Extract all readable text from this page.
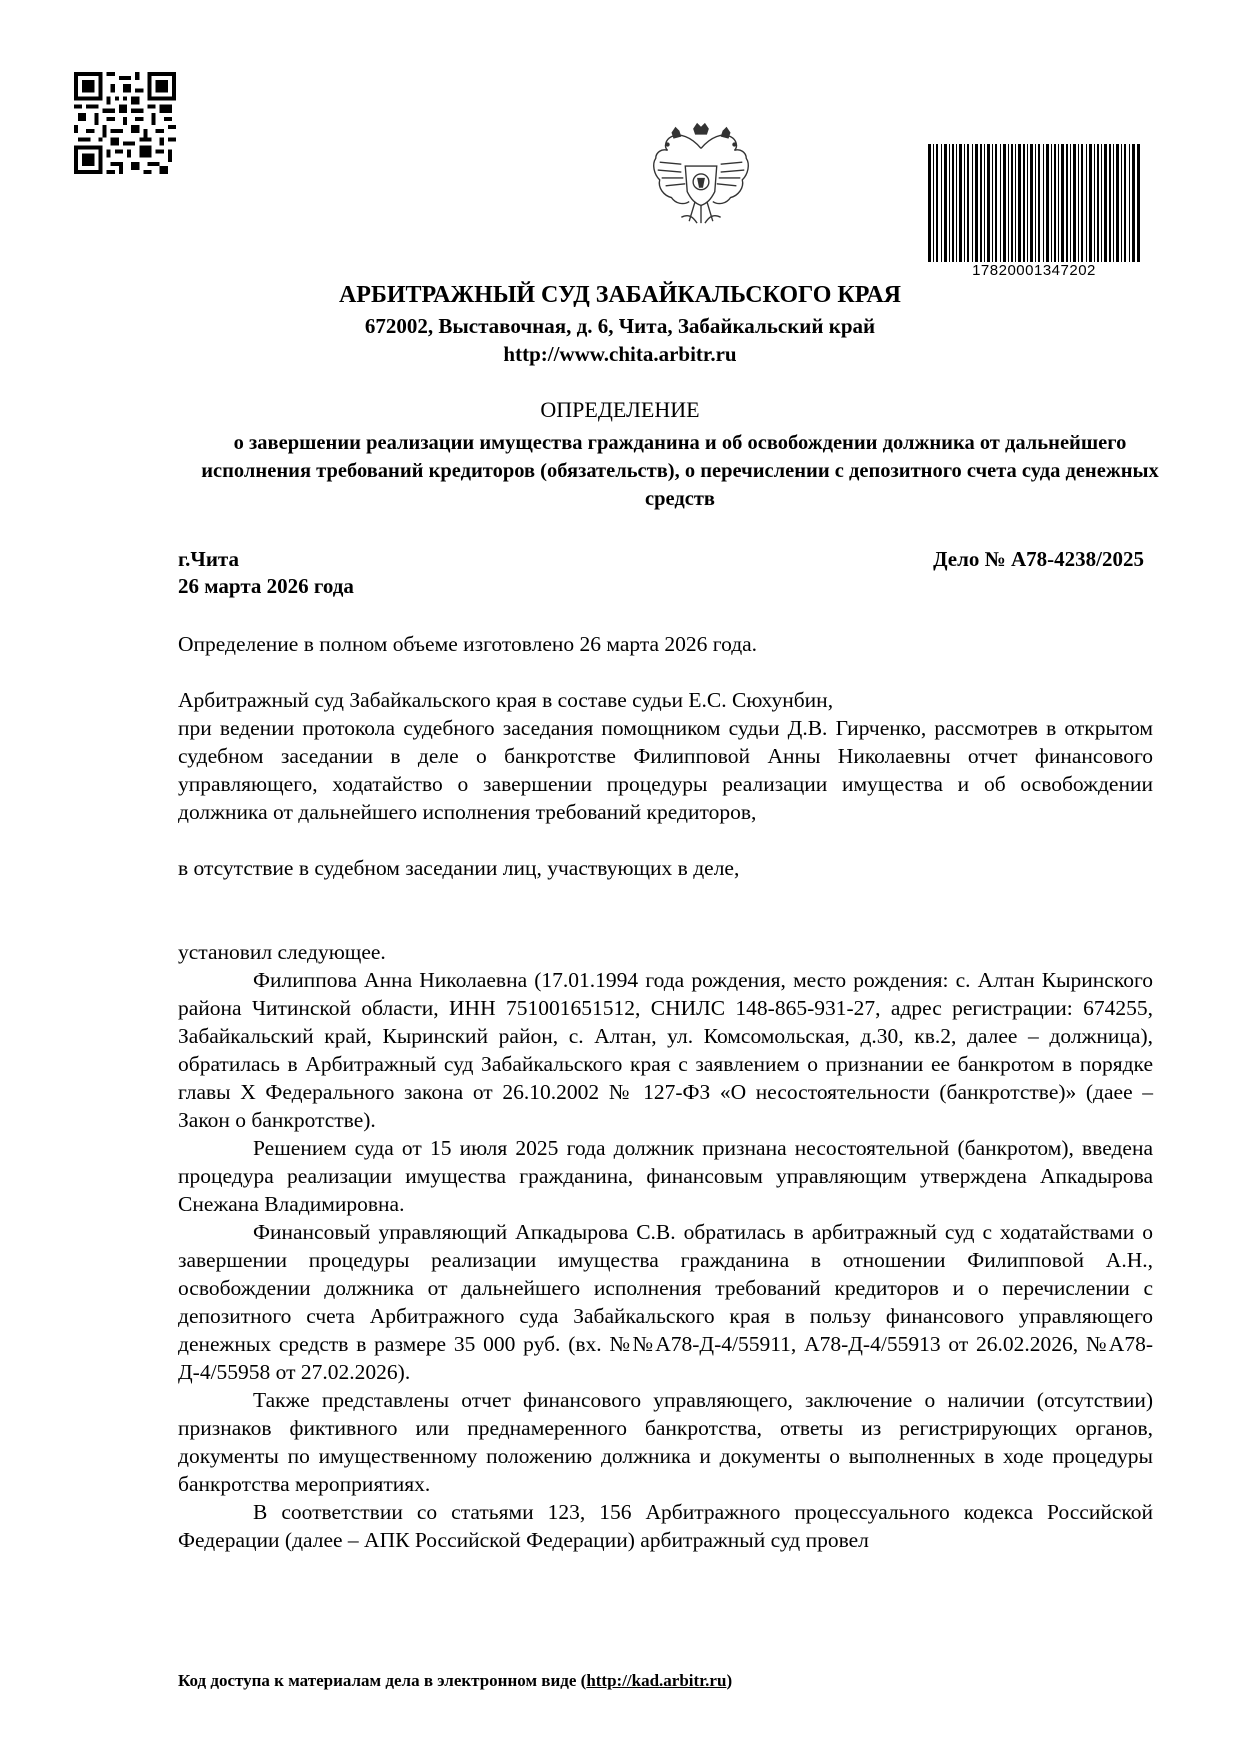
17820001347202
АРБИТРАЖНЫЙ СУД ЗАБАЙКАЛЬСКОГО КРАЯ
672002, Выставочная, д. 6, Чита, Забайкальский край
http://www.chita.arbitr.ru
ОПРЕДЕЛЕНИЕ
о завершении реализации имущества гражданина и об освобождении должника от дальнейшего исполнения требований кредиторов (обязательств), о перечислении с депозитного счета суда денежных средств
г.Чита
26 марта 2026 года
Дело № А78-4238/2025

Определение в полном объеме изготовлено 26 марта 2026 года.

Арбитражный суд Забайкальского края в составе судьи Е.С. Сюхунбин,

при ведении протокола судебного заседания помощником судьи Д.В. Гирченко, рассмотрев в открытом судебном заседании в деле о банкротстве Филипповой Анны Николаевны отчет финансового управляющего, ходатайство о завершении процедуры реализации имущества и об освобождении должника от дальнейшего исполнения требований кредиторов,

в отсутствие в судебном заседании лиц, участвующих в деле,

установил следующее.

Филиппова Анна Николаевна (17.01.1994 года рождения, место рождения: с. Алтан Кыринского района Читинской области, ИНН 751001651512, СНИЛС 148-865-931-27, адрес регистрации: 674255, Забайкальский край, Кыринский район, с. Алтан, ул. Комсомольская, д.30, кв.2, далее – должница), обратилась в Арбитражный суд Забайкальского края с заявлением о признании ее банкротом в порядке главы X Федерального закона от 26.10.2002 № 127-ФЗ «О несостоятельности (банкротстве)» (даее – Закон о банкротстве).

Решением суда от 15 июля 2025 года должник признана несостоятельной (банкротом), введена процедура реализации имущества гражданина, финансовым управляющим утверждена Апкадырова Снежана Владимировна.

Финансовый управляющий Апкадырова С.В. обратилась в арбитражный суд с ходатайствами о завершении процедуры реализации имущества гражданина в отношении Филипповой А.Н., освобождении должника от дальнейшего исполнения требований кредиторов и о перечислении с депозитного счета Арбитражного суда Забайкальского края в пользу финансового управляющего денежных средств в размере 35 000 руб. (вх. №№А78-Д-4/55911, А78-Д-4/55913 от 26.02.2026, №А78-Д-4/55958 от 27.02.2026).

Также представлены отчет финансового управляющего, заключение о наличии (отсутствии) признаков фиктивного или преднамеренного банкротства, ответы из регистрирующих органов, документы по имущественному положению должника и документы о выполненных в ходе процедуры банкротства мероприятиях.

В соответствии со статьями 123, 156 Арбитражного процессуального кодекса Российской Федерации (далее – АПК Российской Федерации) арбитражный суд провел

Код доступа к материалам дела в электронном виде (http://kad.arbitr.ru)
